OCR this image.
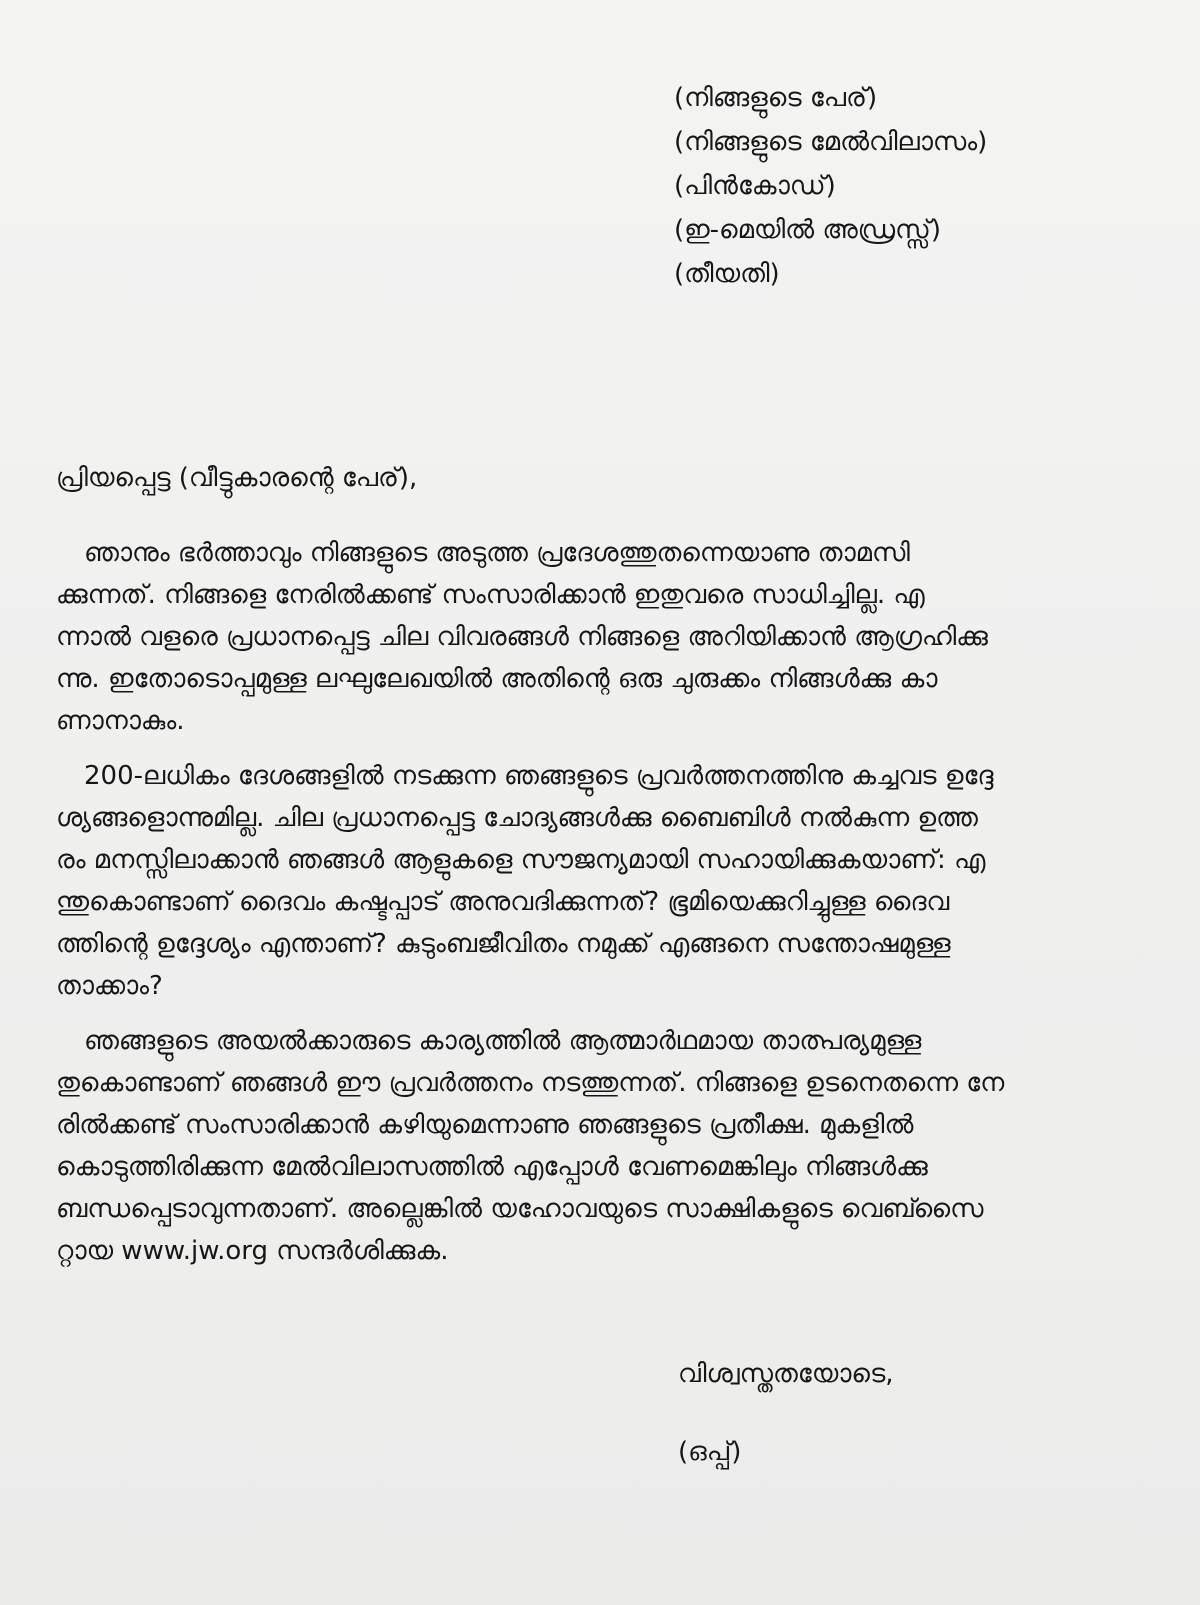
(നിങ്ങളുടെ പേര്)
(നിങ്ങളുടെ മേൽവിലാസം)
(പിൻകോഡ്)
(ഇ-മെയിൽ അഡ്രസ്സ്)
(തീയതി)
പ്രിയപ്പെട്ട (വീട്ടുകാരന്റെ പേര്),
ഞാനും ഭർത്താവും നിങ്ങളുടെ അടുത്ത പ്രദേശത്തുതന്നെയാണു താമസി
ക്കുന്നത്. നിങ്ങളെ നേരിൽക്കണ്ട് സംസാരിക്കാൻ ഇതുവരെ സാധിച്ചില്ല. എ
ന്നാൽ വളരെ പ്രധാനപ്പെട്ട ചില വിവരങ്ങൾ നിങ്ങളെ അറിയിക്കാൻ ആഗ്രഹിക്കു
ന്നു. ഇതോടൊപ്പമുള്ള ലഘുലേഖയിൽ അതിന്റെ ഒരു ചുരുക്കം നിങ്ങൾക്കു കാ
ണാനാകും.
200-ലധികം ദേശങ്ങളിൽ നടക്കുന്ന ഞങ്ങളുടെ പ്രവർത്തനത്തിനു കച്ചവട ഉദ്ദേ
ശ്യങ്ങളൊന്നുമില്ല. ചില പ്രധാനപ്പെട്ട ചോദ്യങ്ങൾക്കു ബൈബിൾ നൽകുന്ന ഉത്ത
രം മനസ്സിലാക്കാൻ ഞങ്ങൾ ആളുകളെ സൗജന്യമായി സഹായിക്കുകയാണ്: എ
ന്തുകൊണ്ടാണ് ദൈവം കഷ്ടപ്പാട് അനുവദിക്കുന്നത്? ഭൂമിയെക്കുറിച്ചുള്ള ദൈവ
ത്തിന്റെ ഉദ്ദേശ്യം എന്താണ്? കുടുംബജീവിതം നമുക്ക് എങ്ങനെ സന്തോഷമുള്ള
താക്കാം?
ഞങ്ങളുടെ അയൽക്കാരുടെ കാര്യത്തിൽ ആത്മാർഥമായ താത്പര്യമുള്ള
തുകൊണ്ടാണ് ഞങ്ങൾ ഈ പ്രവർത്തനം നടത്തുന്നത്. നിങ്ങളെ ഉടനെതന്നെ നേ
രിൽക്കണ്ട് സംസാരിക്കാൻ കഴിയുമെന്നാണു ഞങ്ങളുടെ പ്രതീക്ഷ. മുകളിൽ
കൊടുത്തിരിക്കുന്ന മേൽവിലാസത്തിൽ എപ്പോൾ വേണമെങ്കിലും നിങ്ങൾക്കു
ബന്ധപ്പെടാവുന്നതാണ്. അല്ലെങ്കിൽ യഹോവയുടെ സാക്ഷികളുടെ വെബ്സൈ
റ്റായ www.jw.org സന്ദർശിക്കുക.
വിശ്വസ്തതയോടെ,
(ഒപ്പ്)
